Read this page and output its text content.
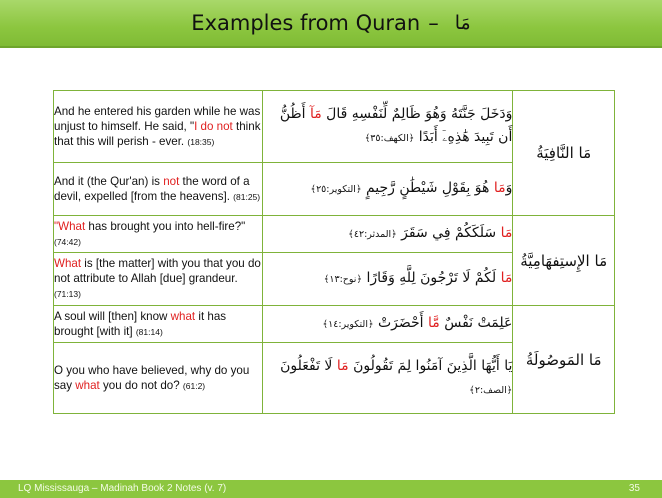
Examples from Quran – مَا
And he entered his garden while he was unjust to himself. He said, "I do not think that this will perish - ever. (18:35)	وَدَخَلَ جَنَّتَهُ وَهُوَ ظَالِمٌ لِّنَفْسِهِ قَالَ مَآ أَظُنُّ أَن تَبِيدَ هَٰذِهِۦٓ أَبَدًا ﴿الكهف:٣٥﴾	مَا النَّافِيَةُ
And it (the Qur'an) is not the word of a devil, expelled [from the heavens]. (81:25)	وَمَا هُوَ بِقَوْلِ شَيْطَٰنٍ رَّجِيمٍ ﴿التكوير:٢٥﴾	
"What has brought you into hell-fire?" (74:42)	مَا سَلَكَكُمْ فِي سَقَرَ ﴿المدثر:٤٢﴾	مَا الإِستِفهَامِيَّةُ
What is [the matter] with you that you do not attribute to Allah [due] grandeur. (71:13)	مَا لَكُمْ لَا تَرْجُونَ لِلَّهِ وَقَارًا ﴿نوح:١٣﴾	
A soul will [then] know what it has brought [with it] (81:14)	عَلِمَتْ نَفْسٌ مَّا أَحْضَرَتْ ﴿التكوير:١٤﴾	مَا المَوصُولَةُ
O you who have believed, why do you say what you do not do? (61:2)	يَا أَيُّهَا الَّذِينَ آمَنُوا لِمَ تَقُولُونَ مَا لَا تَفْعَلُونَ ﴿الصف:٢﴾	
LQ Mississauga – Madinah Book 2 Notes (v. 7)	35
